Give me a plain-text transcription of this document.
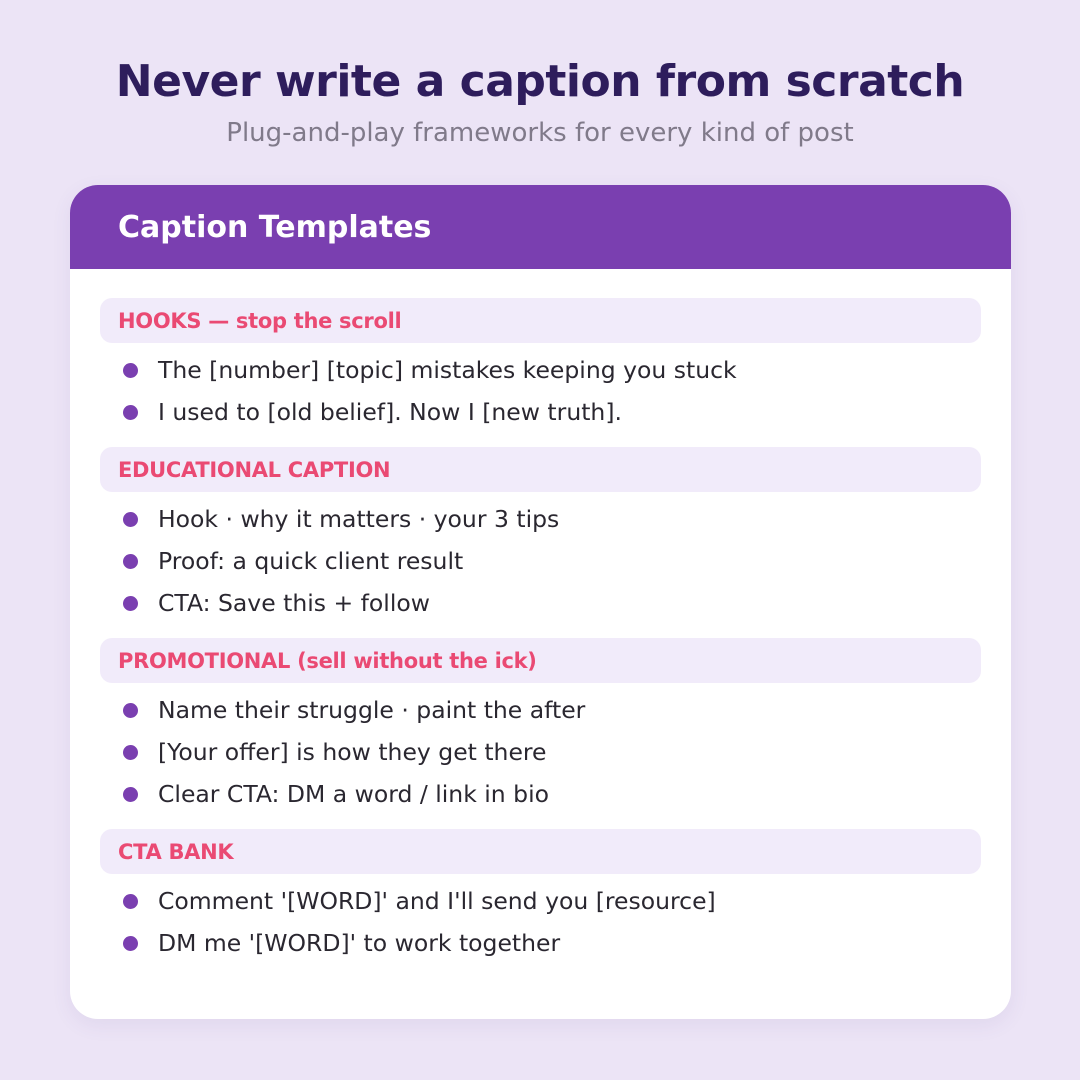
Never write a caption from scratch
Plug-and-play frameworks for every kind of post
Caption Templates
HOOKS — stop the scroll
The [number] [topic] mistakes keeping you stuck
I used to [old belief]. Now I [new truth].
EDUCATIONAL CAPTION
Hook · why it matters · your 3 tips
Proof: a quick client result
CTA: Save this + follow
PROMOTIONAL (sell without the ick)
Name their struggle · paint the after
[Your offer] is how they get there
Clear CTA: DM a word / link in bio
CTA BANK
Comment '[WORD]' and I'll send you [resource]
DM me '[WORD]' to work together
